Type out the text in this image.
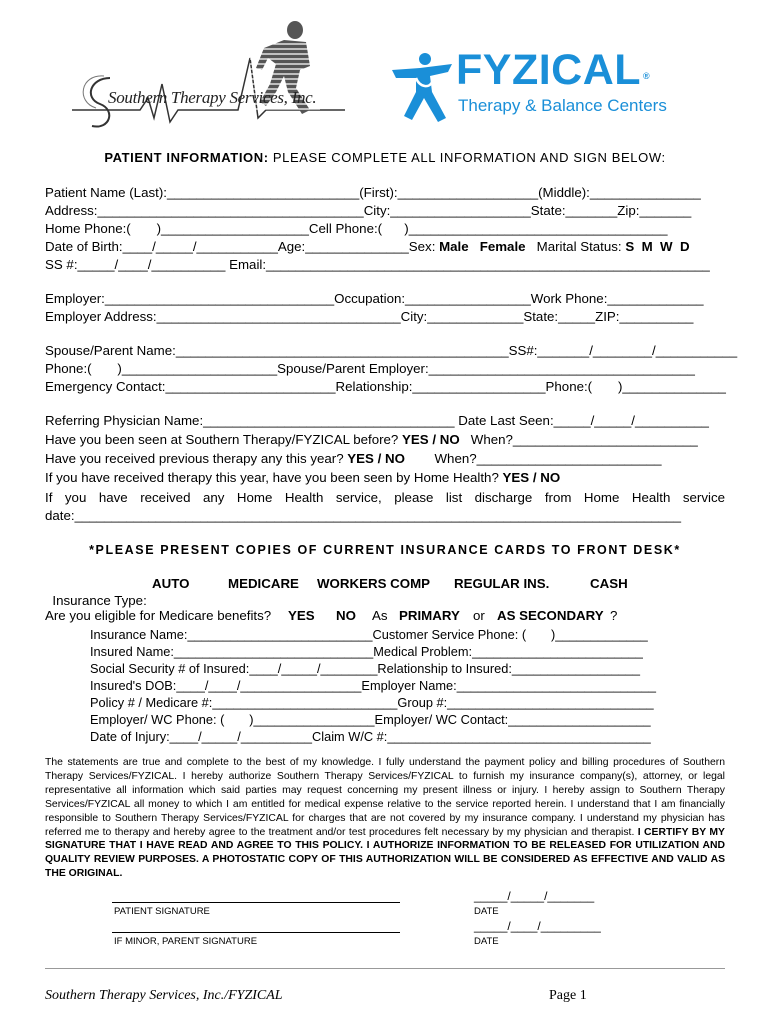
Southern Therapy Services, Inc.
FYZICAL ®
Therapy & Balance Centers
PATIENT INFORMATION: PLEASE COMPLETE ALL INFORMATION AND SIGN BELOW:
Patient Name (Last):__________________________(First):___________________(Middle):_______________
Address:____________________________________City:___________________State:_______Zip:_______
Home Phone:(       )____________________Cell Phone:(      )___________________________________
Date of Birth:____/_____/___________Age:______________Sex: Male   Female   Marital Status: S  M  W  D
SS #:_____/____/__________ Email:____________________________________________________________
Employer:_______________________________Occupation:_________________Work Phone:_____________
Employer Address:_________________________________City:_____________State:_____ZIP:__________
Spouse/Parent Name:_____________________________________________SS#:_______/________/___________
Phone:(       )_____________________Spouse/Parent Employer:____________________________________
Emergency Contact:_______________________Relationship:__________________Phone:(       )______________
Referring Physician Name:__________________________________ Date Last Seen:_____/_____/__________
Have you been seen at Southern Therapy/FYZICAL before? YES / NO   When?_________________________
Have you received previous therapy any this year? YES / NO        When?_________________________
If you have received therapy this year, have you been seen by Home Health? YES / NO
If you have received any Home Health service, please list discharge from Home Health service
date:__________________________________________________________________________________
*PLEASE PRESENT COPIES OF CURRENT INSURANCE CARDS TO FRONT DESK*

Insurance Type:

AUTO	MEDICARE WORKERS COMP REGULAR INS.	CASH
Are you eligible for Medicare benefits? YES NO As PRIMARY or AS SECONDARY ?
Insurance Name:__________________________Customer Service Phone: (       )_____________
Insured Name:____________________________Medical Problem:________________________
Social Security # of Insured:____/_____/________Relationship to Insured:__________________
Insured's DOB:____/____/_________________Employer Name:____________________________
Policy # / Medicare #:__________________________Group #:_____________________________
Employer/ WC Phone: (       )_________________Employer/ WC Contact:____________________
Date of Injury:____/_____/__________Claim W/C #:_____________________________________
The statements are true and complete to the best of my knowledge. I fully understand the payment policy and billing procedures of Southern Therapy Services/FYZICAL. I hereby authorize Southern Therapy Services/FYZICAL to furnish my insurance company(s), attorney, or legal representative all information which said parties may request concerning my present illness or injury. I hereby assign to Southern Therapy Services/FYZICAL all money to which I am entitled for medical expense relative to the service reported herein. I understand that I am financially responsible to Southern Therapy Services/FYZICAL for charges that are not covered by my insurance company. I understand my physician has referred me to therapy and hereby agree to the treatment and/or test procedures felt necessary by my physician and therapist. I CERTIFY BY MY SIGNATURE THAT I HAVE READ AND AGREE TO THIS POLICY. I AUTHORIZE INFORMATION TO BE RELEASED FOR UTILIZATION AND QUALITY REVIEW PURPOSES. A PHOTOSTATIC COPY OF THIS AUTHORIZATION WILL BE CONSIDERED AS EFFECTIVE AND VALID AS THE ORIGINAL.
PATIENT SIGNATURE
_____/_____/_______
DATE
IF MINOR, PARENT SIGNATURE
_____/____/_________
DATE
Southern Therapy Services, Inc./FYZICAL	Page 1
